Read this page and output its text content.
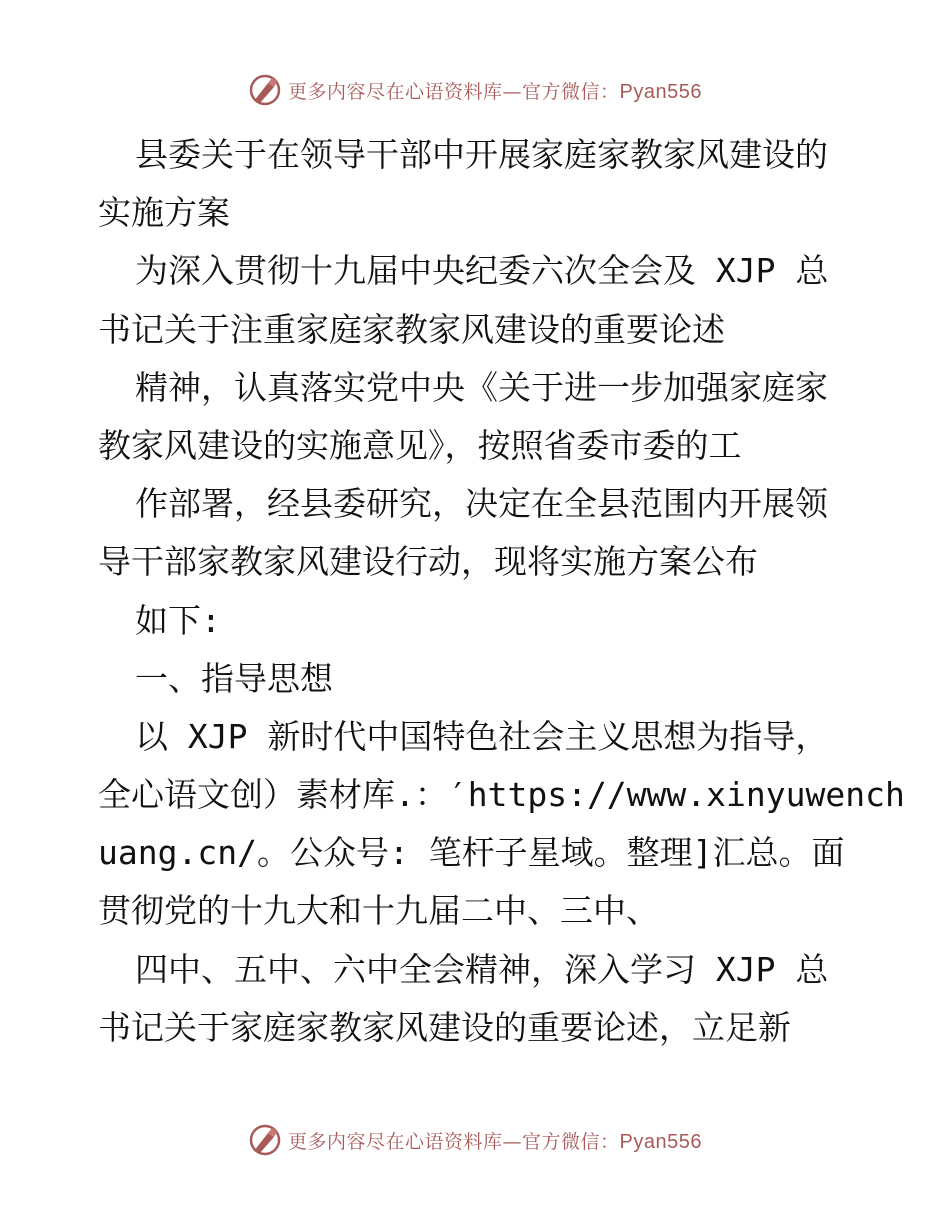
更多内容尽在心语资料库—官方微信：Pyan556
县委关于在领导干部中开展家庭家教家风建设的
实施方案
为深入贯彻十九届中央纪委六次全会及 XJP 总
书记关于注重家庭家教家风建设的重要论述
精神，认真落实党中央《关于进一步加强家庭家
教家风建设的实施意见》，按照省委市委的工
作部署，经县委研究，决定在全县范围内开展领
导干部家教家风建设行动，现将实施方案公布
如下:
一、指导思想
以 XJP 新时代中国特色社会主义思想为指导，
全心语文创）素材库.：′https://www.xinyuwench
uang.cn/。公众号: 笔杆子星域。整理]汇总。面
贯彻党的十九大和十九届二中、三中、
四中、五中、六中全会精神，深入学习 XJP 总
书记关于家庭家教家风建设的重要论述，立足新
更多内容尽在心语资料库—官方微信：Pyan556
